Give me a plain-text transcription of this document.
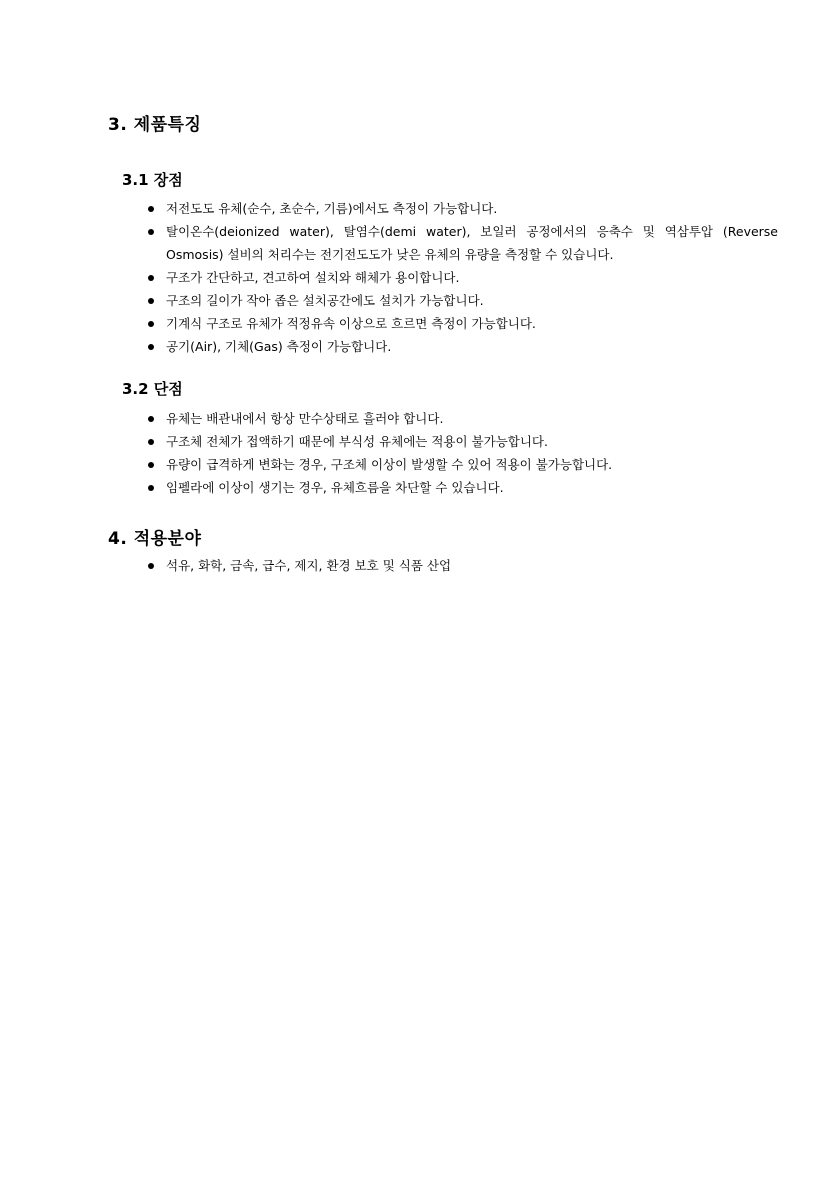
3. 제품특징
3.1 장점
저전도도 유체(순수, 초순수, 기름)에서도 측정이 가능합니다.
탈이온수(deionized water), 탈염수(demi water), 보일러 공정에서의 응축수 및 역삼투압 (Reverse Osmosis) 설비의 처리수는 전기전도도가 낮은 유체의 유량을 측정할 수 있습니다.
구조가 간단하고, 견고하여 설치와 해체가 용이합니다.
구조의 길이가 작아 좁은 설치공간에도 설치가 가능합니다.
기계식 구조로 유체가 적정유속 이상으로 흐르면 측정이 가능합니다.
공기(Air), 기체(Gas) 측정이 가능합니다.
3.2 단점
유체는 배관내에서 항상 만수상태로 흘러야 합니다.
구조체 전체가 접액하기 때문에 부식성 유체에는 적용이 불가능합니다.
유량이 급격하게 변화는 경우, 구조체 이상이 발생할 수 있어 적용이 불가능합니다.
임펠라에 이상이 생기는 경우, 유체흐름을 차단할 수 있습니다.
4. 적용분야
석유, 화학, 금속, 급수, 제지, 환경 보호 및 식품 산업
